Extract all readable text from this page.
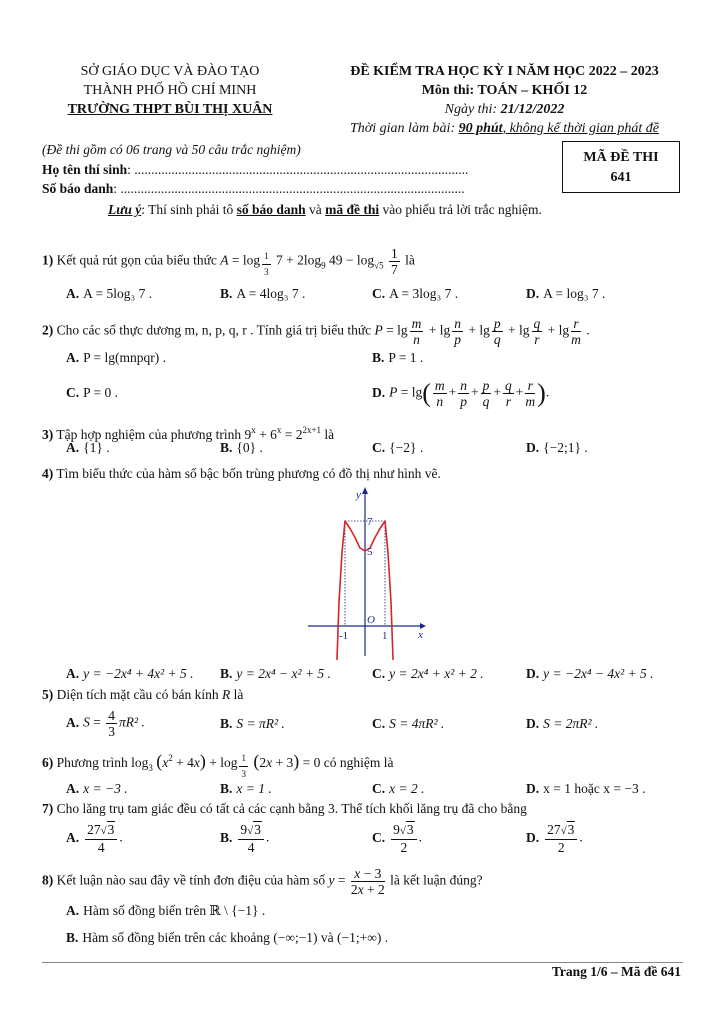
SỞ GIÁO DỤC VÀ ĐÀO TẠO
THÀNH PHỐ HỒ CHÍ MINH
TRƯỜNG THPT BÙI THỊ XUÂN
ĐỀ KIỂM TRA HỌC KỲ I NĂM HỌC 2022 – 2023
Môn thi: TOÁN – KHỐI 12
Ngày thi: 21/12/2022
Thời gian làm bài: 90 phút, không kể thời gian phát đề
(Đề thi gồm có 06 trang và 50 câu trắc nghiệm)
Họ tên thí sinh: ...................................................................................................
Số báo danh: ......................................................................................................
MÃ ĐỀ THI
641
Lưu ý: Thí sinh phải tô số báo danh và mã đề thi vào phiếu trả lời trắc nghiệm.
1) Kết quả rút gọn của biểu thức $A = \log \frac{1}{3} 7 + 2\log_9$ $49 - \log_{√5} \frac{1}{7}$ là
A. A = 5log₃ 7 .	B. A = 4log₃ 7 .	C. A = 3log₃ 7 .	D. A = log₃ 7 .
2) Cho các số thực dương m, n, p, q, r . Tính giá trị biểu thức $P = \lg \frac{m}{n} + \lg \frac{n}{p} + \lg \frac{p}{q} + \lg \frac{q}{r} + \lg \frac{r}{m}$ .
A. P = lg(mnpqr) .	B. P = 1 .
C. P = 0 .	D. $P = \lg( \frac{m}{n} + \frac{n}{p} + \frac{p}{q} + \frac{q}{r} + \frac{r}{m}$ ).
3) Tập hợp nghiệm của phương trình $9^x + 6^x = 2^{2x+1}$ là
A. {1} .	B. {0} .	C. {−2} .	D. {−2;1} .
4) Tìm biểu thức của hàm số bậc bốn trùng phương có đồ thị như hình vẽ.
y
x
O
-1	1
5
7
A. y = −2x⁴ + 4x² + 5 . B. y = 2x⁴ − x² + 5 .	C. y = 2x⁴ + x² + 2 .	D. y = −2x⁴ − 4x² + 5 .
5) Diện tích mặt cầu có bán kính R là
A. $S = \frac{4}{3} \pi R^2$ .	B. S = πR² .	C. S = 4πR² .	D. S = 2πR² .
6) Phương trình $\log_3 (x^2 + 4x) + \log \frac{1}{3} (2x + 3) = 0$ có nghiệm là
A. x = −3 .	B. x = 1 .	C. x = 2 .	D. x = 1 hoặc x = −3 .
7) Cho lăng trụ tam giác đều có tất cả các cạnh bằng 3. Thể tích khối lăng trụ đã cho bằng
A. $\frac{27√3}{4}$ .	B. $\frac{9√3}{4}$ .	C. $\frac{9√3}{2}$ .	D. $\frac{27√3}{2}$ .
8) Kết luận nào sau đây về tính đơn điệu của hàm số $y = \frac{x - 3}{2x + 2}$ là kết luận đúng?
A. Hàm số đồng biến trên ℝ \ {−1} .
B. Hàm số đồng biến trên các khoảng (−∞;−1) và (−1;+∞) .
Trang 1/6 – Mã đề 641
